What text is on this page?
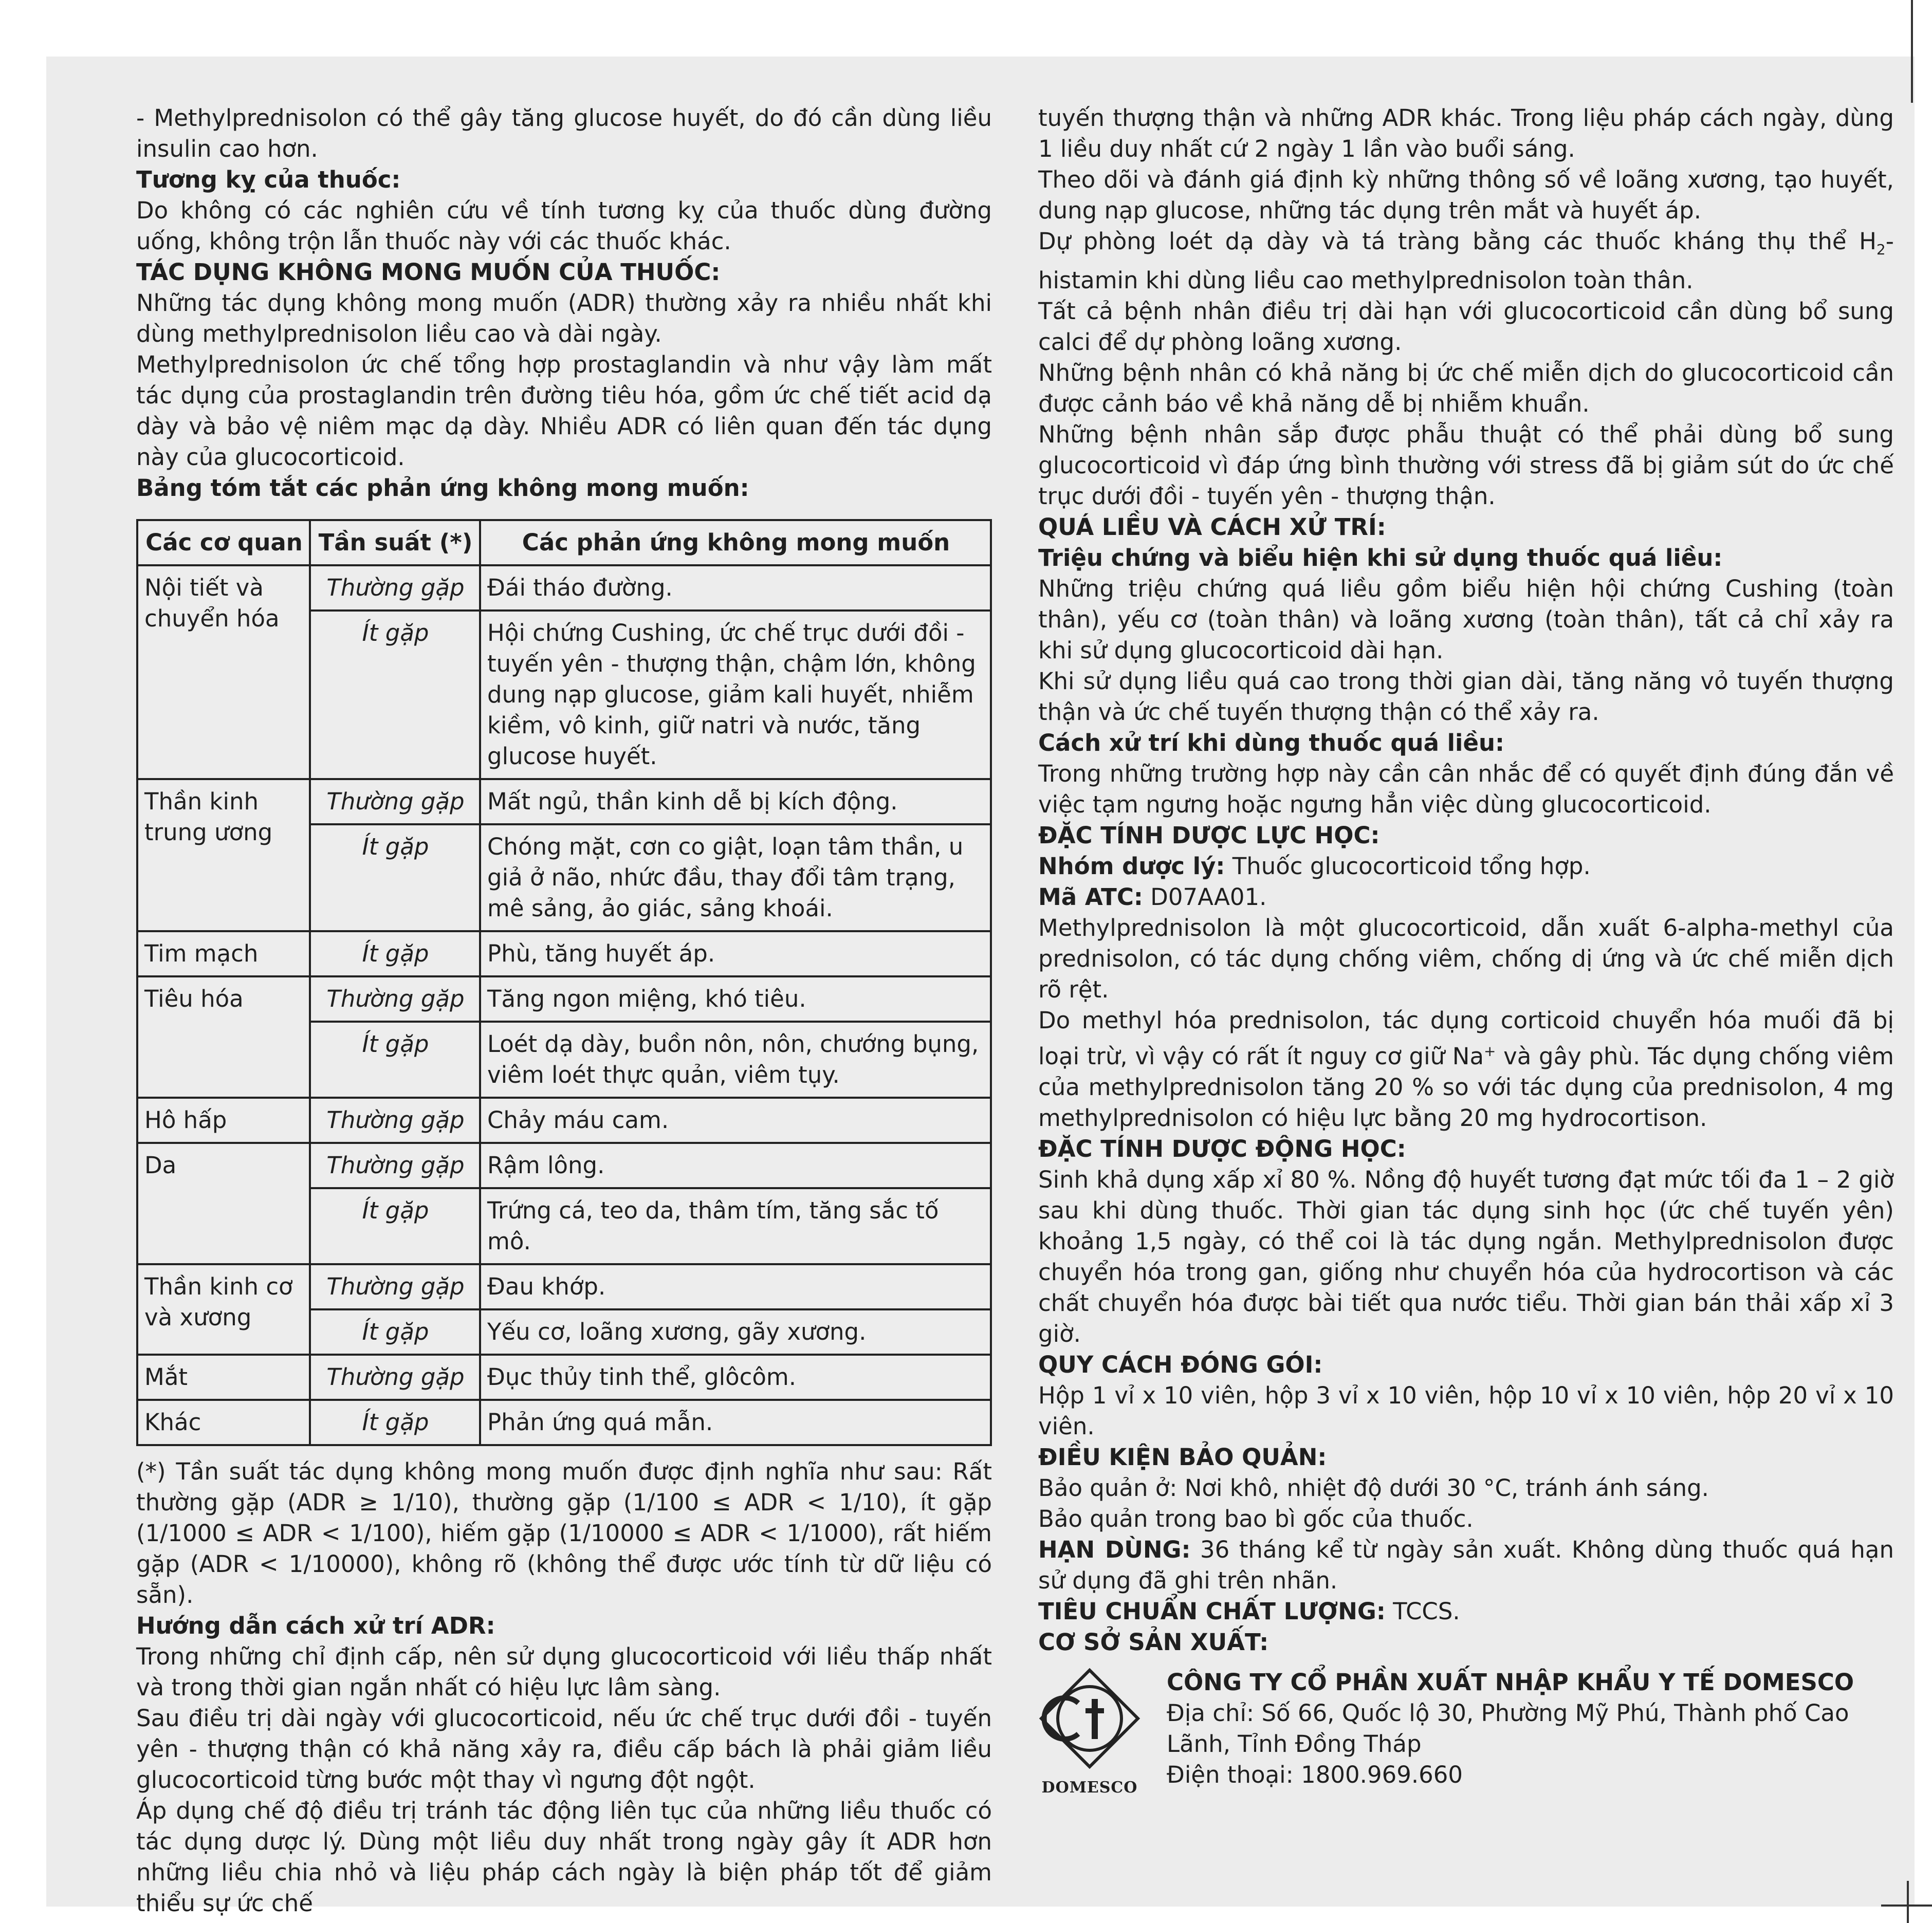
- Methylprednisolon có thể gây tăng glucose huyết, do đó cần dùng liều insulin cao hơn.

Tương kỵ của thuốc:

Do không có các nghiên cứu về tính tương kỵ của thuốc dùng đường uống, không trộn lẫn thuốc này với các thuốc khác.

TÁC DỤNG KHÔNG MONG MUỐN CỦA THUỐC:

Những tác dụng không mong muốn (ADR) thường xảy ra nhiều nhất khi dùng methylprednisolon liều cao và dài ngày.

Methylprednisolon ức chế tổng hợp prostaglandin và như vậy làm mất tác dụng của prostaglandin trên đường tiêu hóa, gồm ức chế tiết acid dạ dày và bảo vệ niêm mạc dạ dày. Nhiều ADR có liên quan đến tác dụng này của glucocorticoid.

Bảng tóm tắt các phản ứng không mong muốn:
Các cơ quan	Tần suất (*)	Các phản ứng không mong muốn
Nội tiết và chuyển hóa	Thường gặp	Đái tháo đường.
	Ít gặp	Hội chứng Cushing, ức chế trục dưới đồi - tuyến yên - thượng thận, chậm lớn, không dung nạp glucose, giảm kali huyết, nhiễm kiềm, vô kinh, giữ natri và nước, tăng glucose huyết.
Thần kinh trung ương	Thường gặp	Mất ngủ, thần kinh dễ bị kích động.
	Ít gặp	Chóng mặt, cơn co giật, loạn tâm thần, u giả ở não, nhức đầu, thay đổi tâm trạng, mê sảng, ảo giác, sảng khoái.
Tim mạch	Ít gặp	Phù, tăng huyết áp.
Tiêu hóa	Thường gặp	Tăng ngon miệng, khó tiêu.
	Ít gặp	Loét dạ dày, buồn nôn, nôn, chướng bụng, viêm loét thực quản, viêm tụy.
Hô hấp	Thường gặp	Chảy máu cam.
Da	Thường gặp	Rậm lông.
	Ít gặp	Trứng cá, teo da, thâm tím, tăng sắc tố mô.
Thần kinh cơ và xương	Thường gặp	Đau khớp.
	Ít gặp	Yếu cơ, loãng xương, gãy xương.
Mắt	Thường gặp	Đục thủy tinh thể, glôcôm.
Khác	Ít gặp	Phản ứng quá mẫn.

(*) Tần suất tác dụng không mong muốn được định nghĩa như sau: Rất thường gặp (ADR ≥ 1/10), thường gặp (1/100 ≤ ADR < 1/10), ít gặp (1/1000 ≤ ADR < 1/100), hiếm gặp (1/10000 ≤ ADR < 1/1000), rất hiếm gặp (ADR < 1/10000), không rõ (không thể được ước tính từ dữ liệu có sẵn).

Hướng dẫn cách xử trí ADR:

Trong những chỉ định cấp, nên sử dụng glucocorticoid với liều thấp nhất và trong thời gian ngắn nhất có hiệu lực lâm sàng.

Sau điều trị dài ngày với glucocorticoid, nếu ức chế trục dưới đồi - tuyến yên - thượng thận có khả năng xảy ra, điều cấp bách là phải giảm liều glucocorticoid từng bước một thay vì ngưng đột ngột.

Áp dụng chế độ điều trị tránh tác động liên tục của những liều thuốc có tác dụng dược lý. Dùng một liều duy nhất trong ngày gây ít ADR hơn những liều chia nhỏ và liệu pháp cách ngày là biện pháp tốt để giảm thiểu sự ức chế

tuyến thượng thận và những ADR khác. Trong liệu pháp cách ngày, dùng 1 liều duy nhất cứ 2 ngày 1 lần vào buổi sáng.

Theo dõi và đánh giá định kỳ những thông số về loãng xương, tạo huyết, dung nạp glucose, những tác dụng trên mắt và huyết áp.

Dự phòng loét dạ dày và tá tràng bằng các thuốc kháng thụ thể $H_2$-histamin khi dùng liều cao methylprednisolon toàn thân.

Tất cả bệnh nhân điều trị dài hạn với glucocorticoid cần dùng bổ sung calci để dự phòng loãng xương.

Những bệnh nhân có khả năng bị ức chế miễn dịch do glucocorticoid cần được cảnh báo về khả năng dễ bị nhiễm khuẩn.

Những bệnh nhân sắp được phẫu thuật có thể phải dùng bổ sung glucocorticoid vì đáp ứng bình thường với stress đã bị giảm sút do ức chế trục dưới đồi - tuyến yên - thượng thận.

QUÁ LIỀU VÀ CÁCH XỬ TRÍ:
Triệu chứng và biểu hiện khi sử dụng thuốc quá liều:

Những triệu chứng quá liều gồm biểu hiện hội chứng Cushing (toàn thân), yếu cơ (toàn thân) và loãng xương (toàn thân), tất cả chỉ xảy ra khi sử dụng glucocorticoid dài hạn.

Khi sử dụng liều quá cao trong thời gian dài, tăng năng vỏ tuyến thượng thận và ức chế tuyến thượng thận có thể xảy ra.

Cách xử trí khi dùng thuốc quá liều:

Trong những trường hợp này cần cân nhắc để có quyết định đúng đắn về việc tạm ngưng hoặc ngưng hẳn việc dùng glucocorticoid.

ĐẶC TÍNH DƯỢC LỰC HỌC:

Nhóm dược lý: Thuốc glucocorticoid tổng hợp.

Mã ATC: D07AA01.

Methylprednisolon là một glucocorticoid, dẫn xuất 6-alpha-methyl của prednisolon, có tác dụng chống viêm, chống dị ứng và ức chế miễn dịch rõ rệt.

Do methyl hóa prednisolon, tác dụng corticoid chuyển hóa muối đã bị loại trừ, vì vậy có rất ít nguy cơ giữ Na+ và gây phù. Tác dụng chống viêm của methylprednisolon tăng 20 % so với tác dụng của prednisolon, 4 mg methylprednisolon có hiệu lực bằng 20 mg hydrocortison.

ĐẶC TÍNH DƯỢC ĐỘNG HỌC:

Sinh khả dụng xấp xỉ 80 %. Nồng độ huyết tương đạt mức tối đa 1 – 2 giờ sau khi dùng thuốc. Thời gian tác dụng sinh học (ức chế tuyến yên) khoảng 1,5 ngày, có thể coi là tác dụng ngắn. Methylprednisolon được chuyển hóa trong gan, giống như chuyển hóa của hydrocortison và các chất chuyển hóa được bài tiết qua nước tiểu. Thời gian bán thải xấp xỉ 3 giờ.

QUY CÁCH ĐÓNG GÓI:

Hộp 1 vỉ x 10 viên, hộp 3 vỉ x 10 viên, hộp 10 vỉ x 10 viên, hộp 20 vỉ x 10 viên.

ĐIỀU KIỆN BẢO QUẢN:

Bảo quản ở: Nơi khô, nhiệt độ dưới 30 °C, tránh ánh sáng.

Bảo quản trong bao bì gốc của thuốc.

HẠN DÙNG: 36 tháng kể từ ngày sản xuất. Không dùng thuốc quá hạn sử dụng đã ghi trên nhãn.

TIÊU CHUẨN CHẤT LƯỢNG: TCCS.

CƠ SỞ SẢN XUẤT:
DOMESCO
CÔNG TY CỔ PHẦN XUẤT NHẬP KHẨU Y TẾ DOMESCO
Địa chỉ: Số 66, Quốc lộ 30, Phường Mỹ Phú, Thành phố Cao Lãnh, Tỉnh Đồng Tháp
Điện thoại: 1800.969.660
